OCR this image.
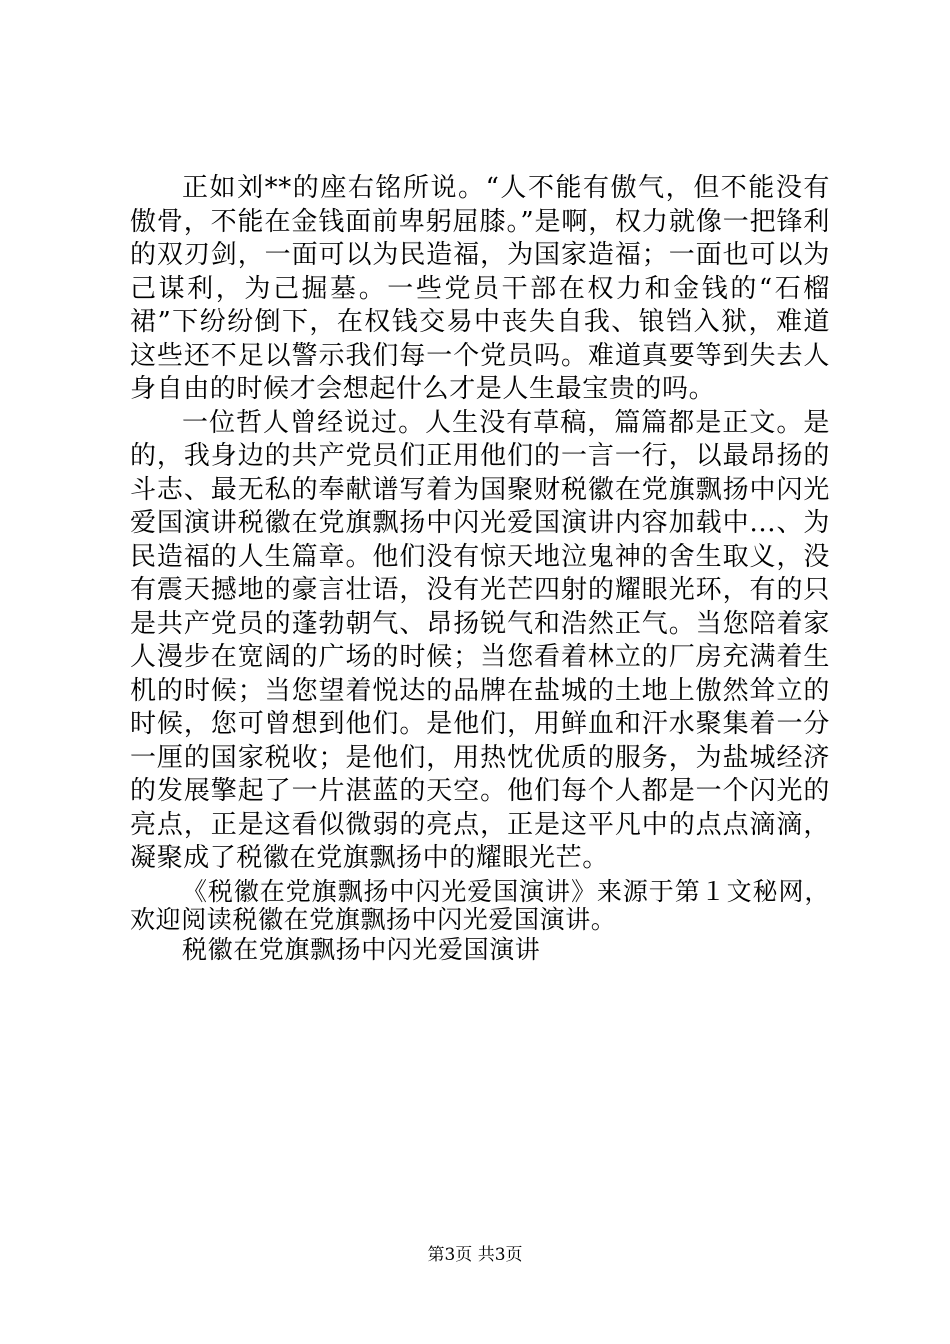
正如刘**的座右铭所说。“人不能有傲气，但不能没有傲骨，不能在金钱面前卑躬屈膝。”是啊，权力就像一把锋利的双刃剑，一面可以为民造福，为国家造福；一面也可以为己谋利，为己掘墓。一些党员干部在权力和金钱的“石榴裙”下纷纷倒下，在权钱交易中丧失自我、锒铛入狱，难道这些还不足以警示我们每一个党员吗。难道真要等到失去人身自由的时候才会想起什么才是人生最宝贵的吗。

一位哲人曾经说过。人生没有草稿，篇篇都是正文。是的，我身边的共产党员们正用他们的一言一行，以最昂扬的斗志、最无私的奉献谱写着为国聚财税徽在党旗飘扬中闪光爱国演讲税徽在党旗飘扬中闪光爱国演讲内容加载中...、为民造福的人生篇章。他们没有惊天地泣鬼神的舍生取义，没有震天撼地的豪言壮语，没有光芒四射的耀眼光环，有的只是共产党员的蓬勃朝气、昂扬锐气和浩然正气。当您陪着家人漫步在宽阔的广场的时候；当您看着林立的厂房充满着生机的时候；当您望着悦达的品牌在盐城的土地上傲然耸立的时候，您可曾想到他们。是他们，用鲜血和汗水聚集着一分一厘的国家税收；是他们，用热忱优质的服务，为盐城经济的发展擎起了一片湛蓝的天空。他们每个人都是一个闪光的亮点，正是这看似微弱的亮点，正是这平凡中的点点滴滴，凝聚成了税徽在党旗飘扬中的耀眼光芒。

《税徽在党旗飘扬中闪光爱国演讲》来源于第１文秘网，欢迎阅读税徽在党旗飘扬中闪光爱国演讲。

税徽在党旗飘扬中闪光爱国演讲

第3页 共3页
